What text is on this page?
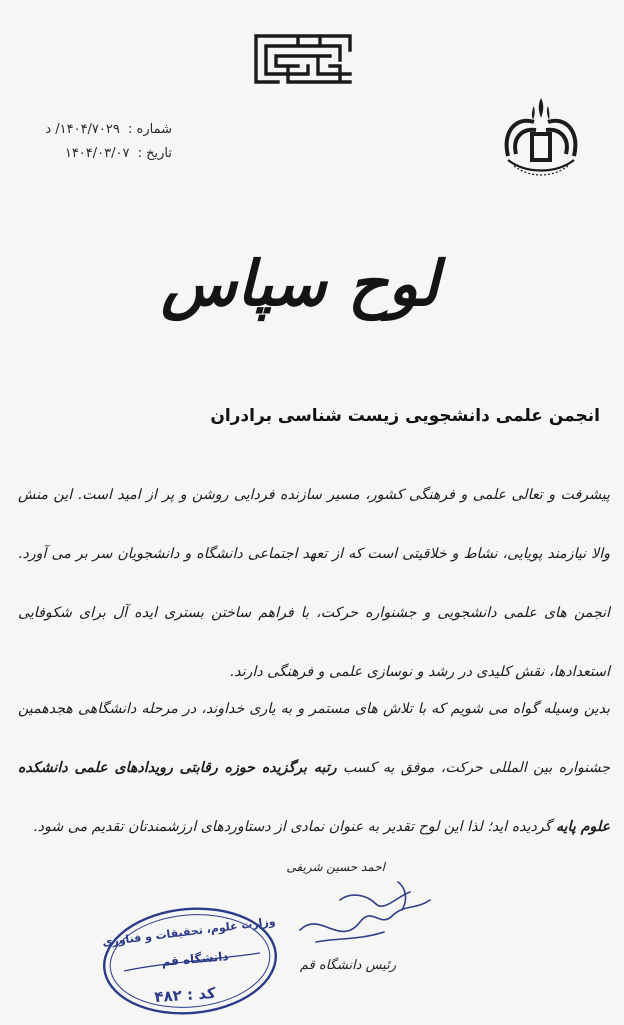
شماره : ۱۴۰۴/۷۰۲۹/ د
تاریخ : ۱۴۰۴/۰۳/۰۷
لوح سپاس
انجمن علمی دانشجویی زیست شناسی برادران
پیشرفت و تعالی علمی و فرهنگی کشور، مسیر سازنده فردایی روشن و پر از امید است. این منش والا نیازمند پویایی، نشاط و خلاقیتی است که از تعهد اجتماعی دانشگاه و دانشجویان سر بر می آورد. انجمن های علمی دانشجویی و جشنواره حرکت، با فراهم ساختن بستری ایده آل برای شکوفایی استعدادها، نقش کلیدی در رشد و نوسازی علمی و فرهنگی دارند.
بدین وسیله گواه می شویم که با تلاش های مستمر و به یاری خداوند، در مرحله دانشگاهی هجدهمین جشنواره بین المللی حرکت، موفق به کسب رتبه برگزیده حوزه رقابتی رویدادهای علمی دانشکده علوم پایه گردیده اید؛ لذا این لوح تقدیر به عنوان نمادی از دستاوردهای ارزشمندتان تقدیم می شود.
احمد حسین شریفی
رئیس دانشگاه قم
وزارت علوم، تحقیقات و فناوری
دانشگاه قم
کد : ۴۸۲
